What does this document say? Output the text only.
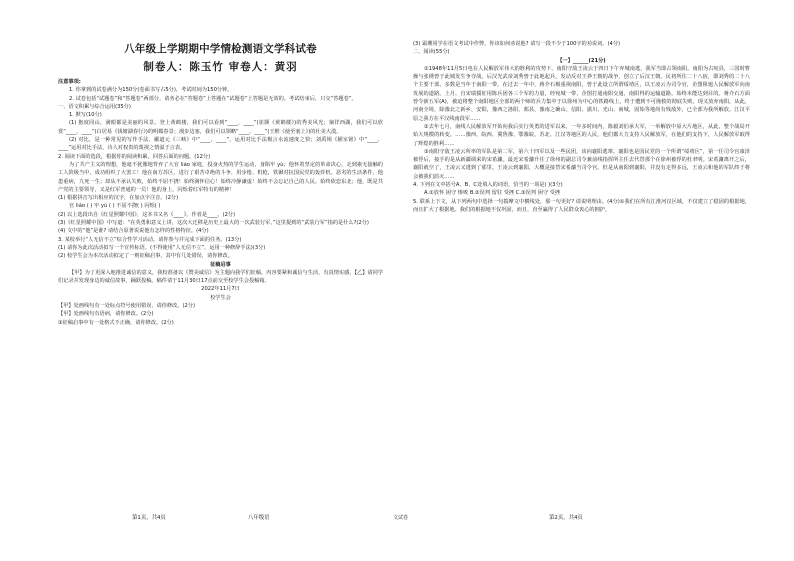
八年级上学期期中学情检测语文学科试卷
制卷人：陈玉竹 审卷人：黄羽

注意事项:

1. 你拿到的试卷满分为150分(卷面书写占5分)，考试时间为150分钟。

2. 试卷包括“试题卷”和“答题卷”两部分。请务必在“答题卷”上答题在“试题卷”上答题是无效的。考试结束后，只交“答题卷”。

一、语文积累与综合运用(35分)

1. 默写(10分)

(1) 抱度同山，满眼都是美丽的风景。登上黄鹤楼，我们可以看到“____，____”(崔颢《黄鹤楼》)的秀美风光；徜徉西湖，我们可以欣赏“____，____”(白居易《钱塘湖春行》)的明媚春景；漫步边塞，我们可以领略“____，____”(王维《使至塞上》)的壮美大漠。

(2) 对比，是一种常见的写作手法。郦道元《三峡》中“____，____”，运用对比手法极言水流速度之快；刘禹锡《陋室铭》中“____，____”运用对比手法，诗人对权贵的蔑视之情溢于言表。

2. 阅读下面的选段，根据你的阅读积累，回答后面的问题。(12分)

为了共产主义的理想，他毫不犹豫地背弃了大官 liáo 家庭，投身火热的学生运动，身陷牢 yù；他怀着坚定的革命决心，走到素无接触的工人阶级当中，成功组织了大罢工！他在南方苏区，进行了艰苦卓绝的斗争，用步枪、机枪，铁锹对抗国民党的轰炸机。恶劣的生活条件，他患重病，九死一生；却从不承认失败，始终不屈不挠！始终满怀信心！始终冷静谦虚！始终不会忘记自己的人民。始终依恋东北；他，既是共产党的主要领导，又是红军普通的一员！他的身上，闪烁着红军特有的精神！

(1) 根据拼音写出相应的汉字，在加点字注音。(2分)

官 liáo ( ) 牢 yù ( ) 不屈不挠( ) 闪烁( )

(2) 以上选段出自《红星照耀中国》，这本书又名《____》，作者是____。(2分)

(3)《红星照耀中国》中写道：“在英勇和意义上讲，这次大迁移是历史上最大的一次武装行军。”这里提到的“武装行军”指的是什么?(2分)

(4) 文中的“他”是谁? 请结合原著说说他有怎样的性格特征。(4分)

3. 某校举行“人无信不立”综合性学习活动。请你参与并完成下面的任务。(13分)

(1) 请你为此次活动拟写一个宣传标语。(不得使用“人无信不立”，运用一种修辞手法)(3分)

(2) 校学生会为本次活动拟定了一则征稿启事，其中有几处错误，请你修改。

征稿启事

【甲】为了更深入地推进诚信的意义，我校准备以《赞美诚信》为主题向我学们征稿。内容要紧和诚信与生活，有真情实感。【乙】请同学们记录并发现身边的诚信故事，踊跃投稿。稿件请于11月30日17点前交至校学生会投稿箱。

2022年11月7日

校学生会

【甲】处画线句有一处标点符号使用错误，请你修改。(2分)

【甲】处画线句有语病，请你修改。(2分)

③征稿启事中有一处格式不正确，请你修改。(2分)

第1页，共4页	八年级语

(3) 霜珊同学在语文考试中作弊，你该如何劝说他? 请写一段不少于100字的劝说词。(4分)

二、阅读(55分)

【一】______(21分)

①1948年11月5日电在人民解放军伟大的胜利的攻势下，南阳守敌王凌云于四日下午弃城南逃，我军当即占领南阳。南阳为古宛县，三国时曹操与张绣曾于此城发生争夺战，后汉光武帝刘秀曾于此地起兵，发动反对王莽王朝的战争，创立了后汉王朝。民初所住二十八宿，即刘秀的二十八个主要干部，多数是当年于南阳一带。在过去一年中，蒋介石极重视南阳，曾于此设立所谓绥靖区，以王凌云为司令官，企图阻遏人民解放军向南发展的道路。上月，自宋瑞援征用陈兵团各三个军的力量，经宛城一带，企图打通南阳交通，南阳得的运输道路。始终未能达到目的。蒋介石方面曾令新五军(A)，被迫将整个南阳地区全部的两个师的兵力集中于以徐州为中心的铁路线上。终于遭到不可挽救的彻底失败，现又放弃南阳。从此，河南全境，除豫北之新乡、安阳，豫西之洛阳、郏县，豫南之确山、信阳、潢川、光山、商城，固始等地尚有残敌外，已全部为我所解放。江汉平原之我方在平汉线南段军……

②去年七月，南线人民解放军开始向我后实行英勇的进军以来，一年多时间内，陈毅刘伯承大军，一举解放中原大片地区，从此，整个战局开始大规模的转变。……豫西、皖西、冀鲁豫、鄂豫皖、苏北、江汉等地区的人民，他们都大力支持人民解放军，在他们的支持下，人民解放军取得了辉煌的胜利……

③南阳守敌王凌云所率的军队是第二军，第六十四军以及一些民团，该向襄阳逃窜。襄阳也是国民党的一个所谓“绥靖区”，第一任司令官康泽被俘后，接手的是从新疆调来的宋希濂。最近宋希濂升任了徐州的副总司令兼前线指挥所主任去代替那个在徐州被俘的杜聿明。宋希濂离开之后，襄阳就空了，王凌云又逃到了那里。王凌云到襄阳，大概是接替宋希濂当司令官。但是从南阳到襄阳，并没有走得多远，王凌云和他的军队终于将会被我们消灭……

4. 下列在文中括号A、B、C处填入的词语，恰当的一项是( )(3分)

A.①放怀 困守 惨败 B.②误判 留驻 受挫 C.③误判 困守 受挫

5. 联系上下文，从下列两句中选择一句揣摩文中横线处，那一句更好? 请说明理由。(4分)①我们在所有江淮河汉区域，不仅建立了稳固的根据地，而且扩大了根据地。我们的根据地不仅巩固，而且，直至赢得了人民群众衷心的拥护。

第2页，共4页
文试卷
